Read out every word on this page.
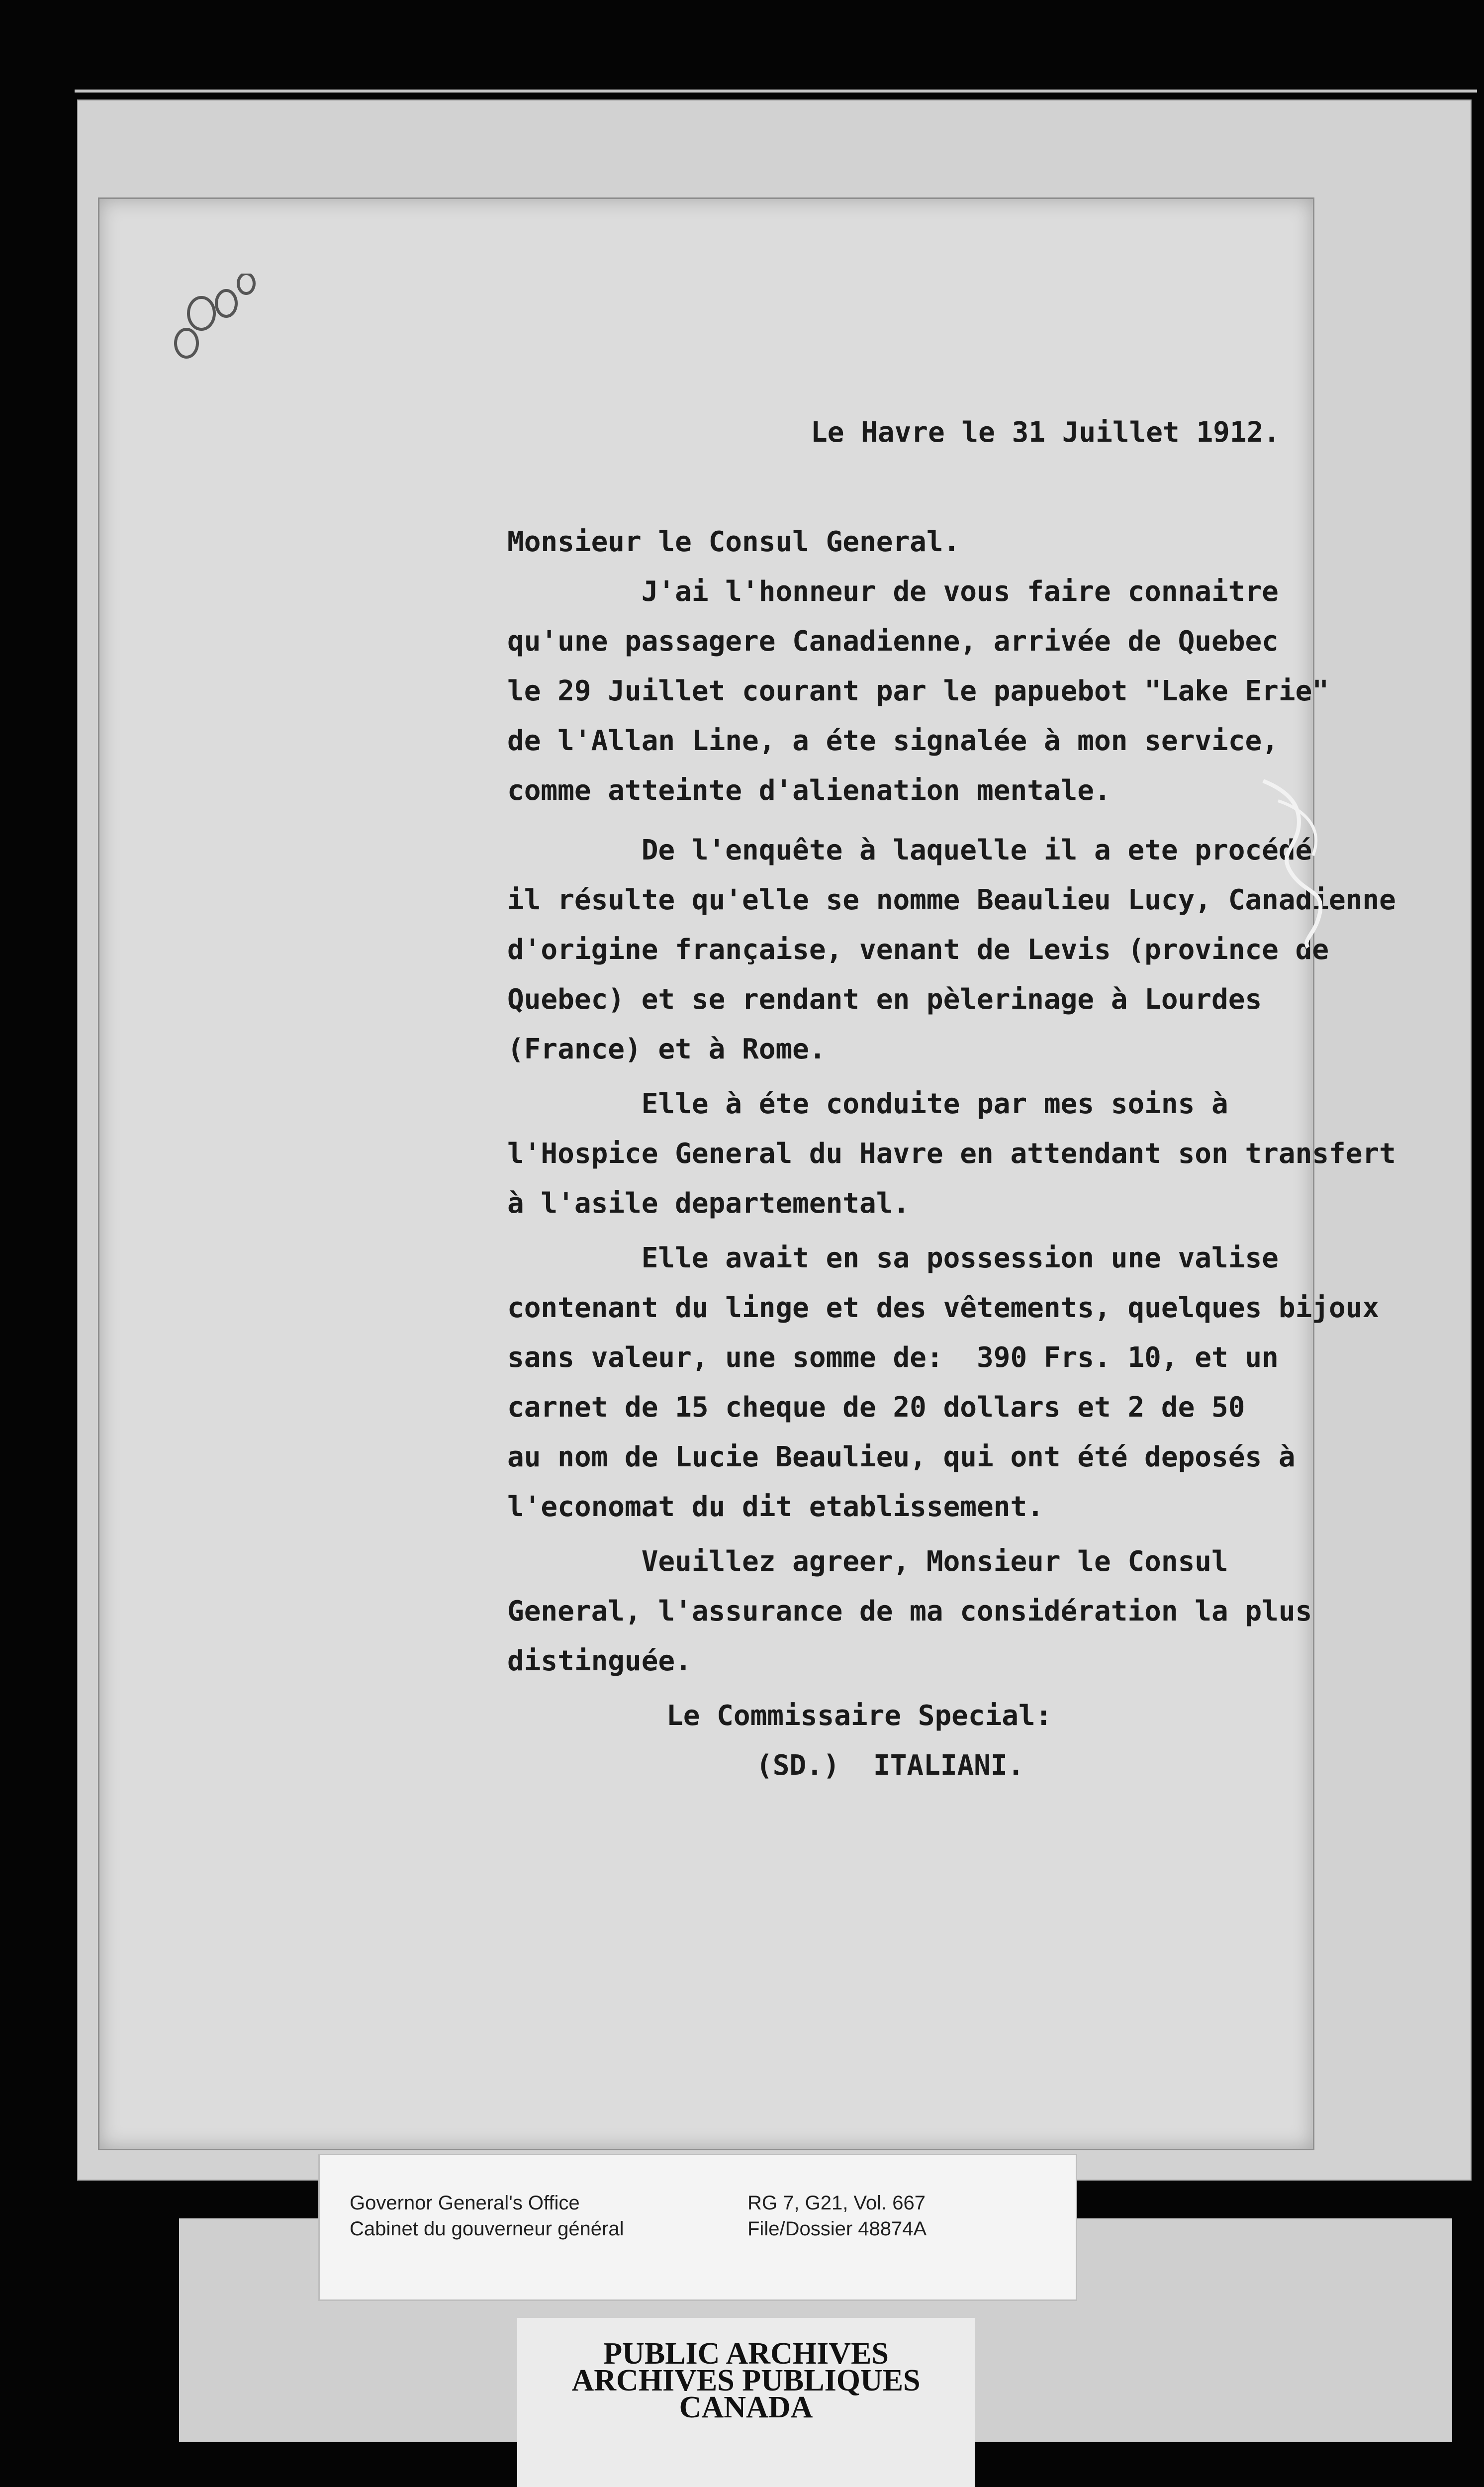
Le Havre le 31 Juillet 1912.
Monsieur le Consul General.
J'ai l'honneur de vous faire connaitre
qu'une passagere Canadienne, arrivée de Quebec
le 29 Juillet courant par le papuebot "Lake Erie"
de l'Allan Line, a éte signalée à mon service,
comme atteinte d'alienation mentale.
De l'enquête à laquelle il a ete procédé
il résulte qu'elle se nomme Beaulieu Lucy, Canadienne
d'origine française, venant de Levis (province de
Quebec) et se rendant en pèlerinage à Lourdes
(France) et à Rome.
Elle à éte conduite par mes soins à
l'Hospice General du Havre en attendant son transfert
à l'asile departemental.
Elle avait en sa possession une valise
contenant du linge et des vêtements, quelques bijoux
sans valeur, une somme de:  390 Frs. 10, et un
carnet de 15 cheque de 20 dollars et 2 de 50
au nom de Lucie Beaulieu, qui ont été deposés à
l'economat du dit etablissement.
Veuillez agreer, Monsieur le Consul
General, l'assurance de ma considération la plus
distinguée.
Le Commissaire Special:
(SD.)  ITALIANI.
Governor General's Office
Cabinet du gouverneur général
RG 7, G21, Vol. 667
File/Dossier 48874A
PUBLIC ARCHIVES
ARCHIVES PUBLIQUES
CANADA
